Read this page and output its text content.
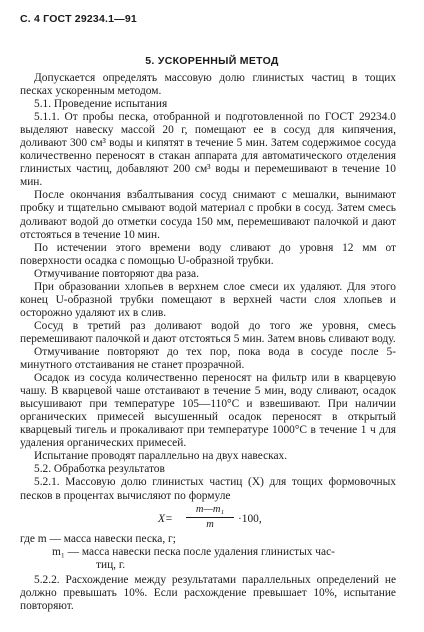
С. 4 ГОСТ 29234.1—91
5. УСКОРЕННЫЙ МЕТОД

Допускается определять массовую долю глинистых частиц в тощих песках ускоренным методом.

5.1. Проведение испытания

5.1.1. От пробы песка, отобранной и подготовленной по ГОСТ 29234.0 выделяют навеску массой 20 г, помещают ее в сосуд для кипячения, доливают 300 см³ воды и кипятят в течение 5 мин. Затем содержимое сосуда количественно переносят в стакан аппарата для автоматического отделения глинистых частиц, добавляют 200 см³ воды и перемешивают в течение 10 мин.

После окончания взбалтывания сосуд снимают с мешалки, вынимают пробку и тщательно смывают водой материал с пробки в сосуд. Затем смесь доливают водой до отметки сосуда 150 мм, перемешивают палочкой и дают отстояться в течение 10 мин.

По истечении этого времени воду сливают до уровня 12 мм от поверхности осадка с помощью U-образной трубки.

Отмучивание повторяют два раза.

При образовании хлопьев в верхнем слое смеси их удаляют. Для этого конец U-образной трубки помещают в верхней части слоя хлопьев и осторожно удаляют их в слив.

Сосуд в третий раз доливают водой до того же уровня, смесь перемешивают палочкой и дают отстояться 5 мин. Затем вновь сливают воду.

Отмучивание повторяют до тех пор, пока вода в сосуде после 5-минутного отстаивания не станет прозрачной.

Осадок из сосуда количественно переносят на фильтр или в кварцевую чашу. В кварцевой чаше отстаивают в течение 5 мин, воду сливают, осадок высушивают при температуре 105—110°С и взвешивают. При наличии органических примесей высушенный осадок переносят в открытый кварцевый тигель и прокаливают при температуре 1000°С в течение 1 ч для удаления органических примесей.

Испытание проводят параллельно на двух навесках.

5.2. Обработка результатов

5.2.1. Массовую долю глинистых частиц (X) для тощих формовочных песков в процентах вычисляют по формуле

$X= \frac{\text{m—m₁}}{m} \cdot 100$,
где m — масса навески песка, г;
m₁ — масса навески песка после удаления глинистых час-
тиц, г.

5.2.2. Расхождение между результатами параллельных определений не должно превышать 10%. Если расхождение превышает 10%, испытание повторяют.
